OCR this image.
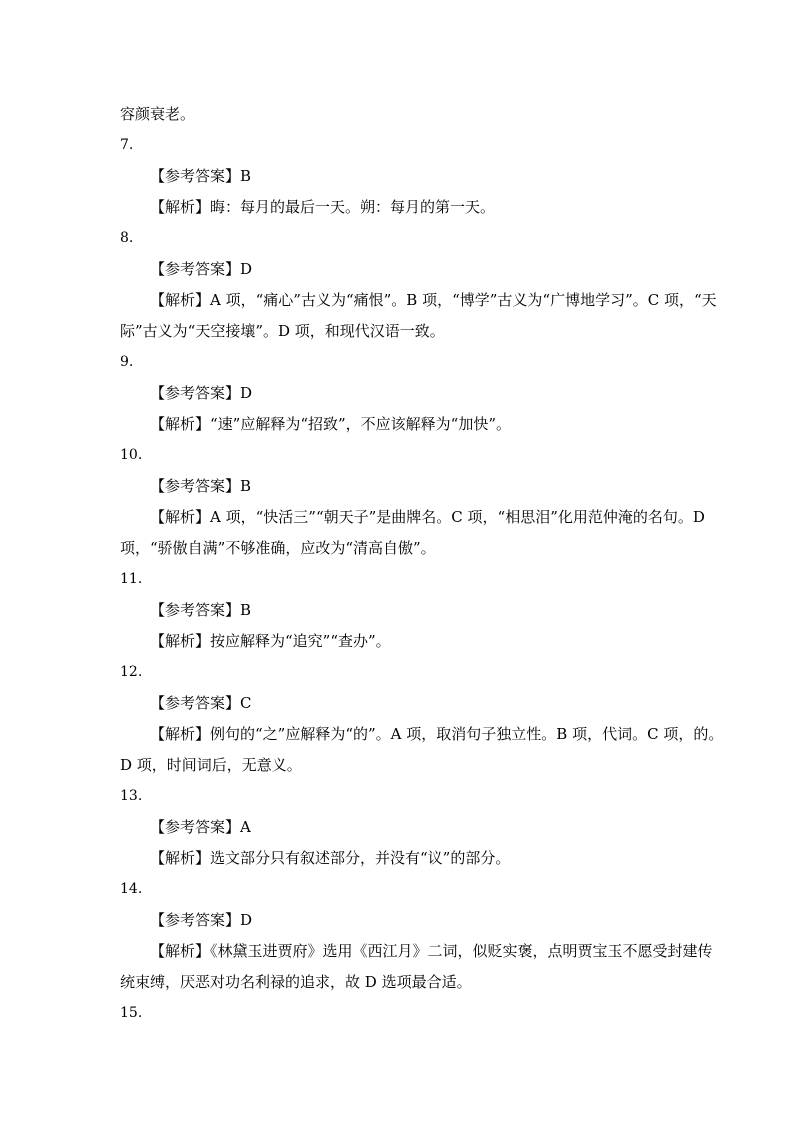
容颜衰老。
7.
【参考答案】B
【解析】晦：每月的最后一天。朔：每月的第一天。
8.
【参考答案】D
【解析】A 项，“痛心”古义为“痛恨”。B 项，“博学”古义为“广博地学习”。C 项，“天
际”古义为“天空接壤”。D 项，和现代汉语一致。
9.
【参考答案】D
【解析】“速”应解释为“招致”，不应该解释为“加快”。
10.
【参考答案】B
【解析】A 项，“快活三”“朝天子”是曲牌名。C 项，“相思泪”化用范仲淹的名句。D
项，“骄傲自满”不够准确，应改为“清高自傲”。
11.
【参考答案】B
【解析】按应解释为“追究”“查办”。
12.
【参考答案】C
【解析】例句的“之”应解释为“的”。A 项，取消句子独立性。B 项，代词。C 项，的。
D 项，时间词后，无意义。
13.
【参考答案】A
【解析】选文部分只有叙述部分，并没有“议”的部分。
14.
【参考答案】D
【解析】《林黛玉进贾府》选用《西江月》二词，似贬实褒，点明贾宝玉不愿受封建传
统束缚，厌恶对功名利禄的追求，故 D 选项最合适。
15.
